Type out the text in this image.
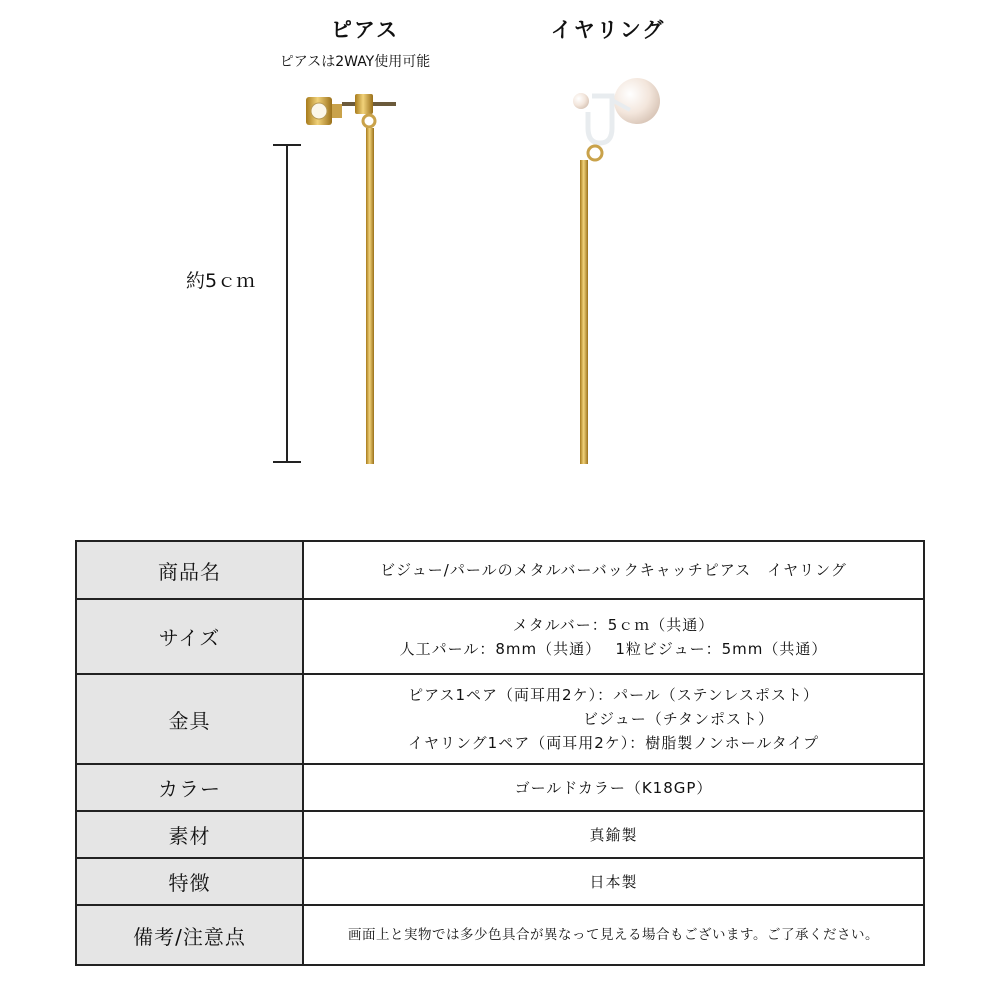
ピアス
ピアスは2WAY使用可能
イヤリング
約5ｃｍ
商品名	ビジュー/パールのメタルバーバックキャッチピアス　イヤリング

サイズ	メタルバー：5ｃｍ（共通）
人工パール：8mm（共通）　 1粒ビジュー：5mm（共通）

金具	ピアス1ペア（両耳用2ケ）：パール（ステンレスポスト）
ビジュー（チタンポスト）
イヤリング1ペア（両耳用2ケ）：樹脂製ノンホールタイプ

カラー	ゴールドカラー（K18GP）

素材	真鍮製

特徴	日本製

備考/注意点	画面上と実物では多少色具合が異なって見える場合もございます。ご了承ください。
